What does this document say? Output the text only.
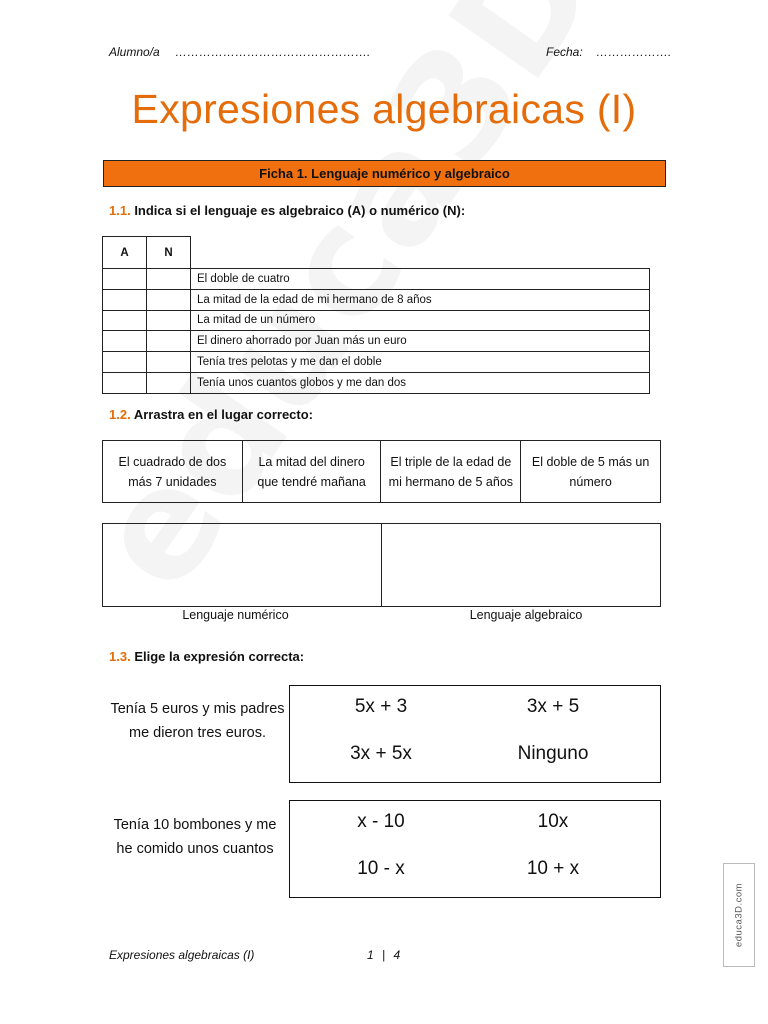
Alumno/a ………………………………………….	Fecha: ……………….
Expresiones algebraicas (I)
Ficha 1. Lenguaje numérico y algebraico
1.1. Indica si el lenguaje es algebraico (A) o numérico (N):
A	N	
		El doble de cuatro
		La mitad de la edad de mi hermano de 8 años
		La mitad de un número
		El dinero ahorrado por Juan más un euro
		Tenía tres pelotas y me dan el doble
		Tenía unos cuantos globos y me dan dos
1.2. Arrastra en el lugar correcto:
El cuadrado de dos más 7 unidades	La mitad del dinero que tendré mañana	El triple de la edad de mi hermano de 5 años	El doble de 5 más un número

Lenguaje numérico	Lenguaje algebraico
1.3. Elige la expresión correcta:
Tenía 5 euros y mis padres me dieron tres euros.
5x + 3	3x + 5
3x + 5x	Ninguno
Tenía 10 bombones y me he comido unos cuantos
x - 10	10x
10 - x	10 + x
educa3D.com
Expresiones algebraicas (I)	1 | 4
